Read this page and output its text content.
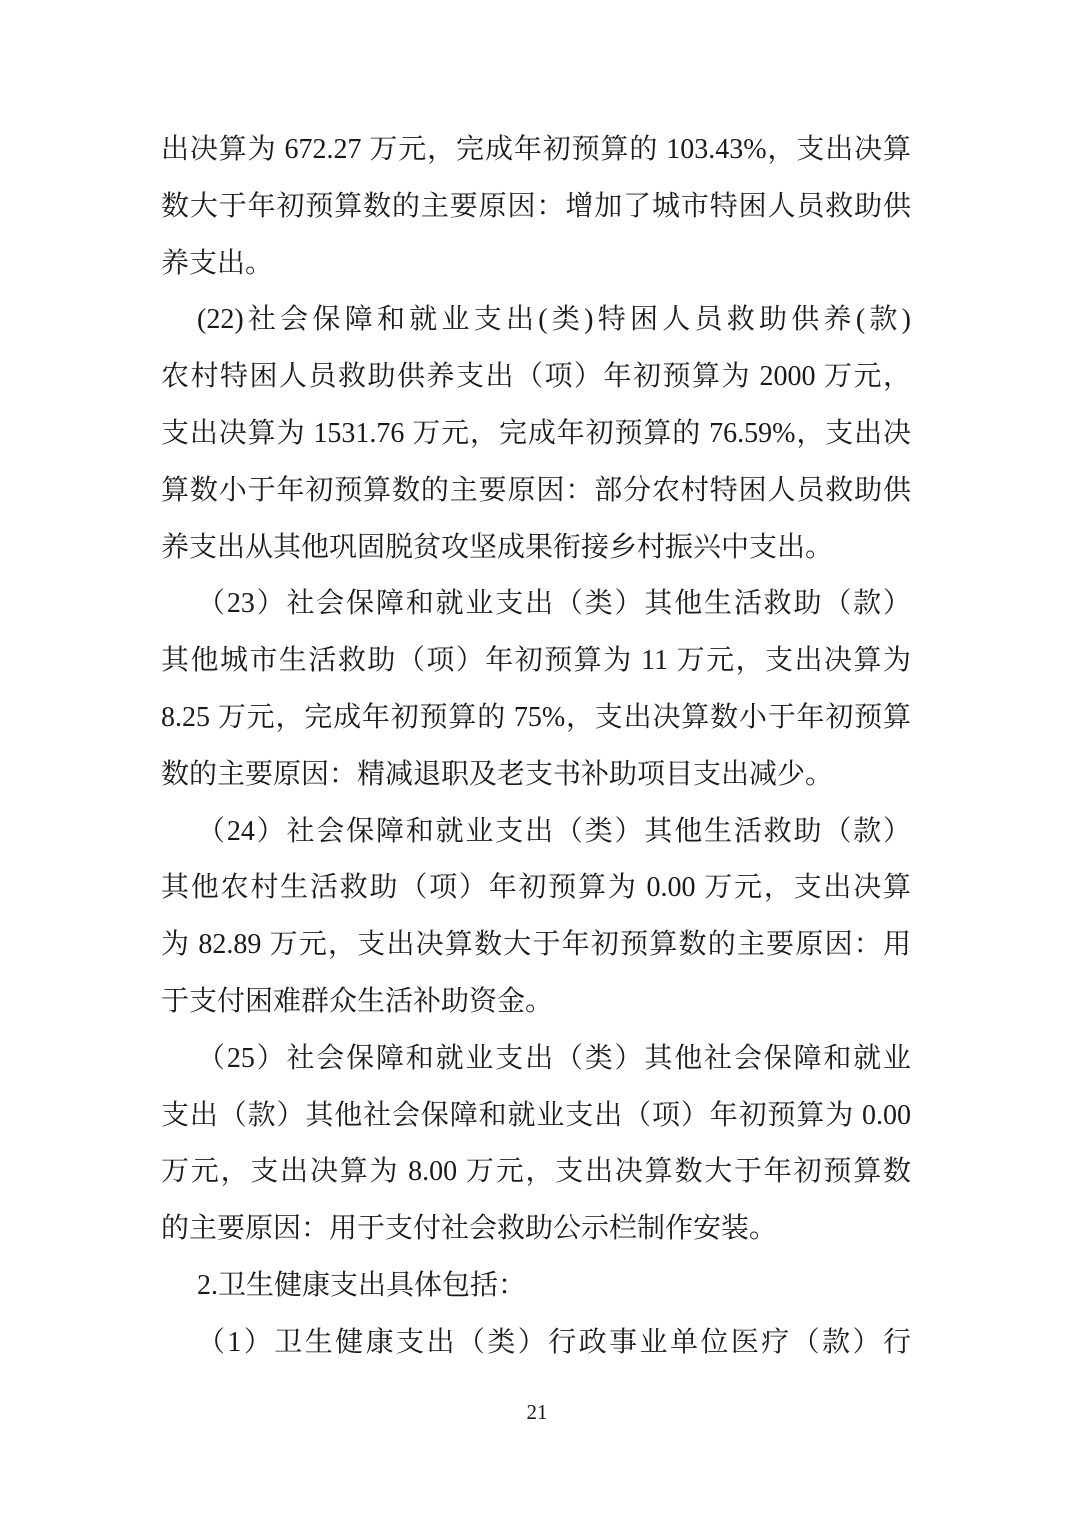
出决算为 672.27 万元，完成年初预算的 103.43%，支出决算
数大于年初预算数的主要原因：增加了城市特困人员救助供
养支出。
(22)社会保障和就业支出(类)特困人员救助供养(款)
农村特困人员救助供养支出（项）年初预算为 2000 万元，
支出决算为 1531.76 万元，完成年初预算的 76.59%，支出决
算数小于年初预算数的主要原因：部分农村特困人员救助供
养支出从其他巩固脱贫攻坚成果衔接乡村振兴中支出。
（23）社会保障和就业支出（类）其他生活救助（款）
其他城市生活救助（项）年初预算为 11 万元，支出决算为
8.25 万元，完成年初预算的 75%，支出决算数小于年初预算
数的主要原因：精减退职及老支书补助项目支出减少。
（24）社会保障和就业支出（类）其他生活救助（款）
其他农村生活救助（项）年初预算为 0.00 万元，支出决算
为 82.89 万元，支出决算数大于年初预算数的主要原因：用
于支付困难群众生活补助资金。
（25）社会保障和就业支出（类）其他社会保障和就业
支出（款）其他社会保障和就业支出（项）年初预算为 0.00
万元，支出决算为 8.00 万元，支出决算数大于年初预算数
的主要原因：用于支付社会救助公示栏制作安装。
2.卫生健康支出具体包括：
（1）卫生健康支出（类）行政事业单位医疗（款）行
21
